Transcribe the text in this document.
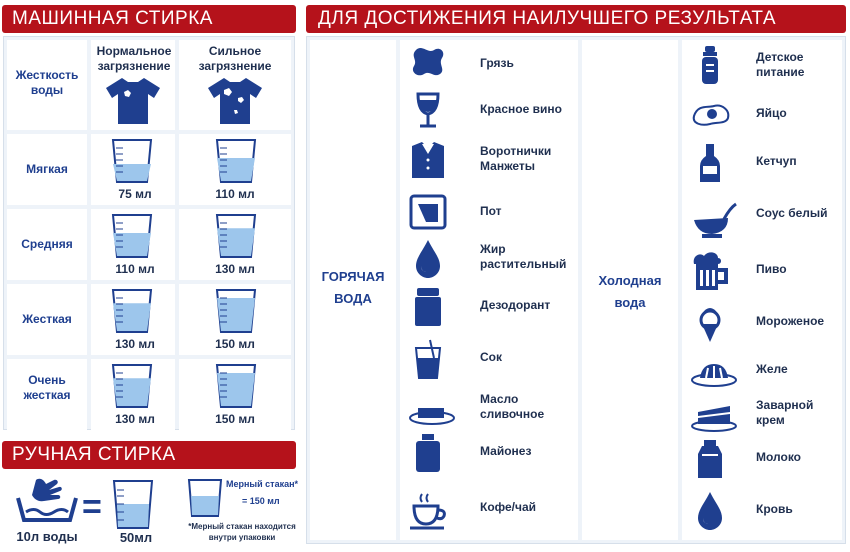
МАШИННАЯ СТИРКА
Жесткость воды
Нормальное загрязнение
Сильное загрязнение
Мягкая
75 мл	110 мл
Средняя
110 мл	130 мл
Жесткая
130 мл	150 мл
Очень жесткая
130 мл	150 мл
РУЧНАЯ СТИРКА
10л воды
=
50мл
Мерный стакан*
= 150 мл
*Мерный стакан находится внутри упаковки
ДЛЯ ДОСТИЖЕНИЯ НАИЛУЧШЕГО РЕЗУЛЬТАТА
ГОРЯЧАЯ ВОДА
Холодная вода
Грязь
Красное вино
Воротнички Манжеты
Пот
Жир растительный
Дезодорант
Сок
Масло сливочное
Майонез
Кофе/чай
Детское питание
Яйцо
Кетчуп
Соус белый
Пиво
Мороженое
Желе
Заварной крем
Молоко
Кровь
